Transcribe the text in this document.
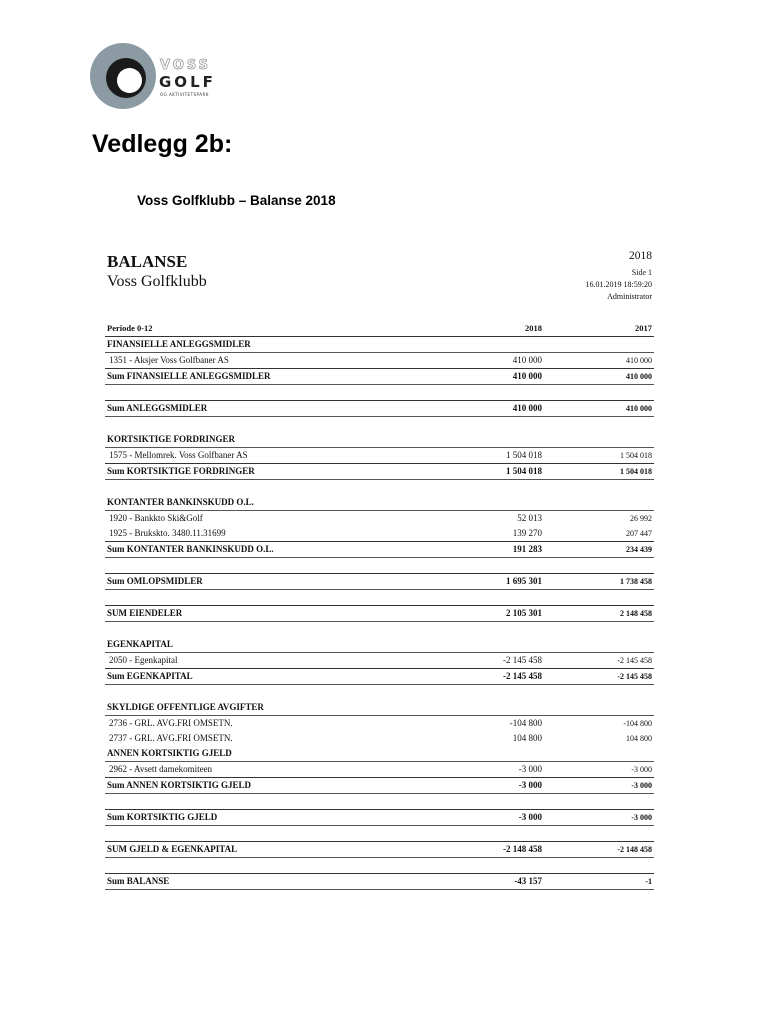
VOSS
GOLF
OG AKTIVITETSPARK
Vedlegg 2b:
Voss Golfklubb – Balanse 2018
BALANSE
Voss Golfklubb
2018
Side 1
16.01.2019 18:59:20
Administrator
Periode 0-12	2018	2017
FINANSIELLE ANLEGGSMIDLER
1351 - Aksjer Voss Golfbaner AS	410 000	410 000
Sum FINANSIELLE ANLEGGSMIDLER	410 000	410 000
Sum ANLEGGSMIDLER	410 000	410 000
KORTSIKTIGE FORDRINGER
1575 - Mellomrek. Voss Golfbaner AS	1 504 018	1 504 018
Sum KORTSIKTIGE FORDRINGER	1 504 018	1 504 018
KONTANTER BANKINSKUDD O.L.
1920 - Bankkto Ski&Golf	52 013	26 992
1925 - Bruksktο. 3480.11.31699	139 270	207 447
Sum KONTANTER BANKINSKUDD O.L.	191 283	234 439
Sum OMLOPSMIDLER	1 695 301	1 738 458
SUM EIENDELER	2 105 301	2 148 458
EGENKAPITAL
2050 - Egenkapital	-2 145 458	-2 145 458
Sum EGENKAPITAL	-2 145 458	-2 145 458
SKYLDIGE OFFENTLIGE AVGIFTER
2736 - GRL. AVG.FRI OMSETN.	-104 800	-104 800
2737 - GRL. AVG.FRI OMSETN.	104 800	104 800
ANNEN KORTSIKTIG GJELD
2962 - Avsett damekomiteen	-3 000	-3 000
Sum ANNEN KORTSIKTIG GJELD	-3 000	-3 000
Sum KORTSIKTIG GJELD	-3 000	-3 000
SUM GJELD & EGENKAPITAL	-2 148 458	-2 148 458
Sum BALANSE	-43 157	-1
